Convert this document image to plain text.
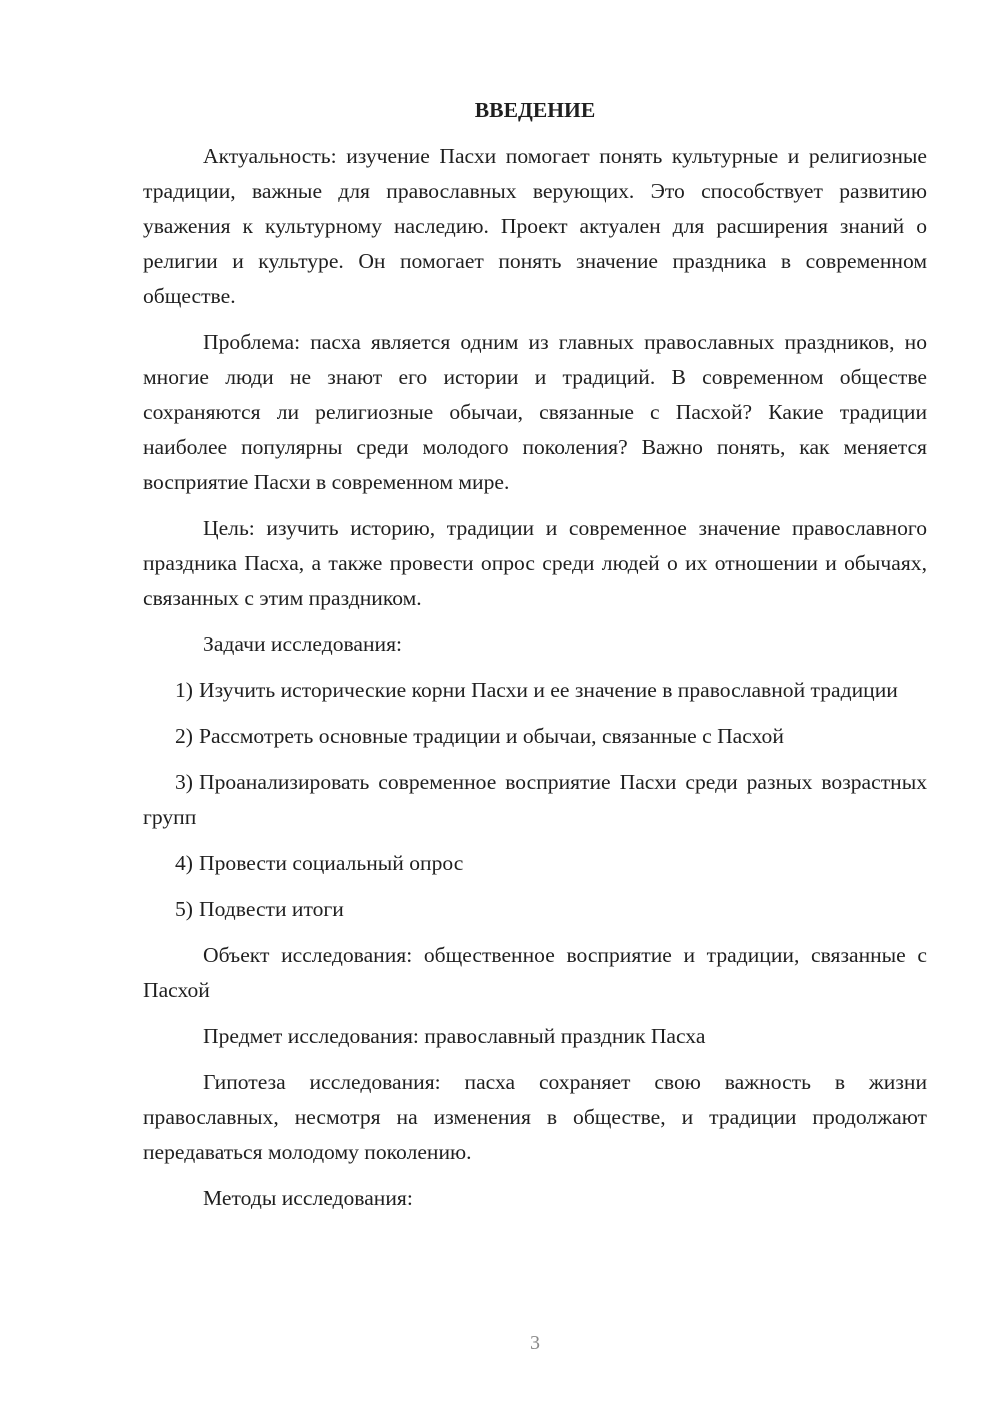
ВВЕДЕНИЕ

Актуальность: изучение Пасхи помогает понять культурные и религиозные традиции, важные для православных верующих. Это способствует развитию уважения к культурному наследию. Проект актуален для расширения знаний о религии и культуре. Он помогает понять значение праздника в современном обществе.

Проблема: пасха является одним из главных православных праздников, но многие люди не знают его истории и традиций. В современном обществе сохраняются ли религиозные обычаи, связанные с Пасхой? Какие традиции наиболее популярны среди молодого поколения? Важно понять, как меняется восприятие Пасхи в современном мире.

Цель: изучить историю, традиции и современное значение православного праздника Пасха, а также провести опрос среди людей о их отношении и обычаях, связанных с этим праздником.

Задачи исследования:

1) Изучить исторические корни Пасхи и ее значение в православной традиции

2) Рассмотреть основные традиции и обычаи, связанные с Пасхой

3) Проанализировать современное восприятие Пасхи среди разных возрастных групп

4) Провести социальный опрос

5) Подвести итоги

Объект исследования: общественное восприятие и традиции, связанные с Пасхой

Предмет исследования: православный праздник Пасха

Гипотеза исследования: пасха сохраняет свою важность в жизни православных, несмотря на изменения в обществе, и традиции продолжают передаваться молодому поколению.

Методы исследования:

3
